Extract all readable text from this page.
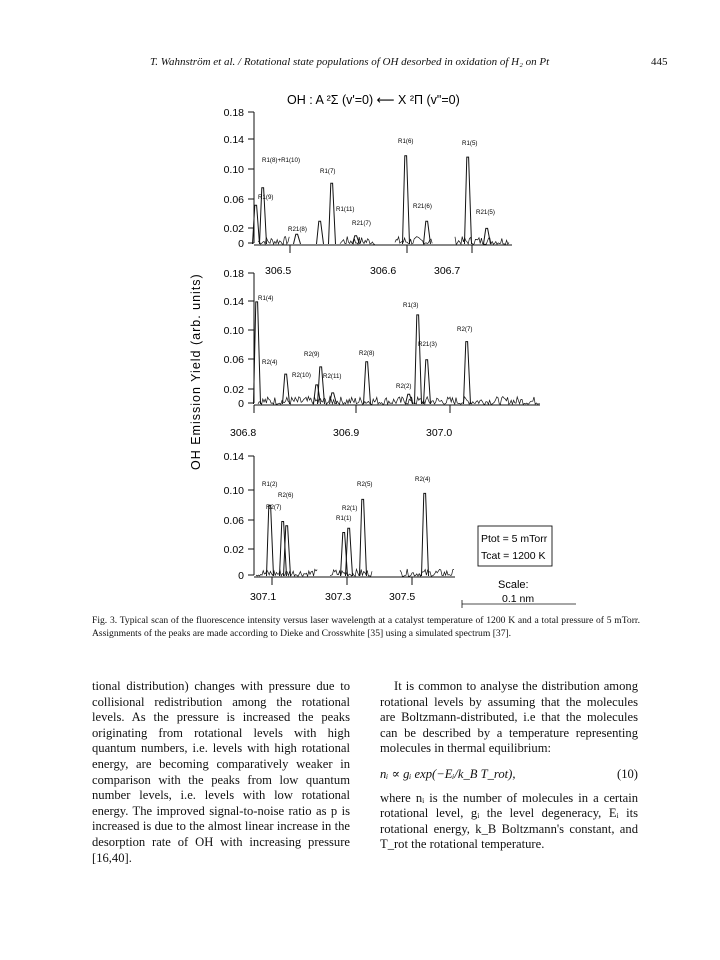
T. Wahnström et al. / Rotational state populations of OH desorbed in oxidation of H₂ on Pt	445
OH : A ²Σ (v'=0) ⟵ X ²Π (v"=0)
OH Emission Yield (arb. units)
0.18
0.14
0.10
0.06
0.02
0
306.5	306.6	306.7
R1(8)+R1(10)
R1(9)
R21(8)
R1(11)
R1(7)
R21(7)
R1(6)
R21(6)
R1(5)
R21(5)
0.18
0.14
0.10
0.06
0.02
0
306.8	306.9	307.0
R1(4)
R2(4)
R2(10)
R2(9)
R2(11)
R2(8)
R2(2)
R1(3)
R21(3)
R2(7)
0.14
0.10
0.06
0.02
0
307.1	307.3	307.5
R1(2)
R2(6)
R2(7)
R1(1)
R2(1)
R2(5)
R2(4)
Ptot = 5 mTorr
Tcat = 1200 K
Scale:
0.1 nm
Fig. 3. Typical scan of the fluorescence intensity versus laser wavelength at a catalyst temperature of 1200 K and a total pressure of 5 mTorr. Assignments of the peaks are made according to Dieke and Crosswhite [35] using a simulated spectrum [37].

tional distribution) changes with pressure due to collisional redistribution among the rotational levels. As the pressure is increased the peaks originating from rotational levels with high quantum numbers, i.e. levels with high rotational energy, are becoming comparatively weaker in comparison with the peaks from low quantum number levels, i.e. levels with low rotational energy. The improved signal-to-noise ratio as p is increased is due to the almost linear increase in the desorption rate of OH with increasing pressure [16,40].

It is common to analyse the distribution among rotational levels by assuming that the molecules are Boltzmann-distributed, i.e that the molecules can be described by a temperature representing molecules in thermal equilibrium:

nᵢ ∝ gᵢ exp(−Eᵢ/k_B T_rot),	(10)

where nᵢ is the number of molecules in a certain rotational level, gᵢ the level degeneracy, Eᵢ its rotational energy, k_B Boltzmann's constant, and T_rot the rotational temperature.
